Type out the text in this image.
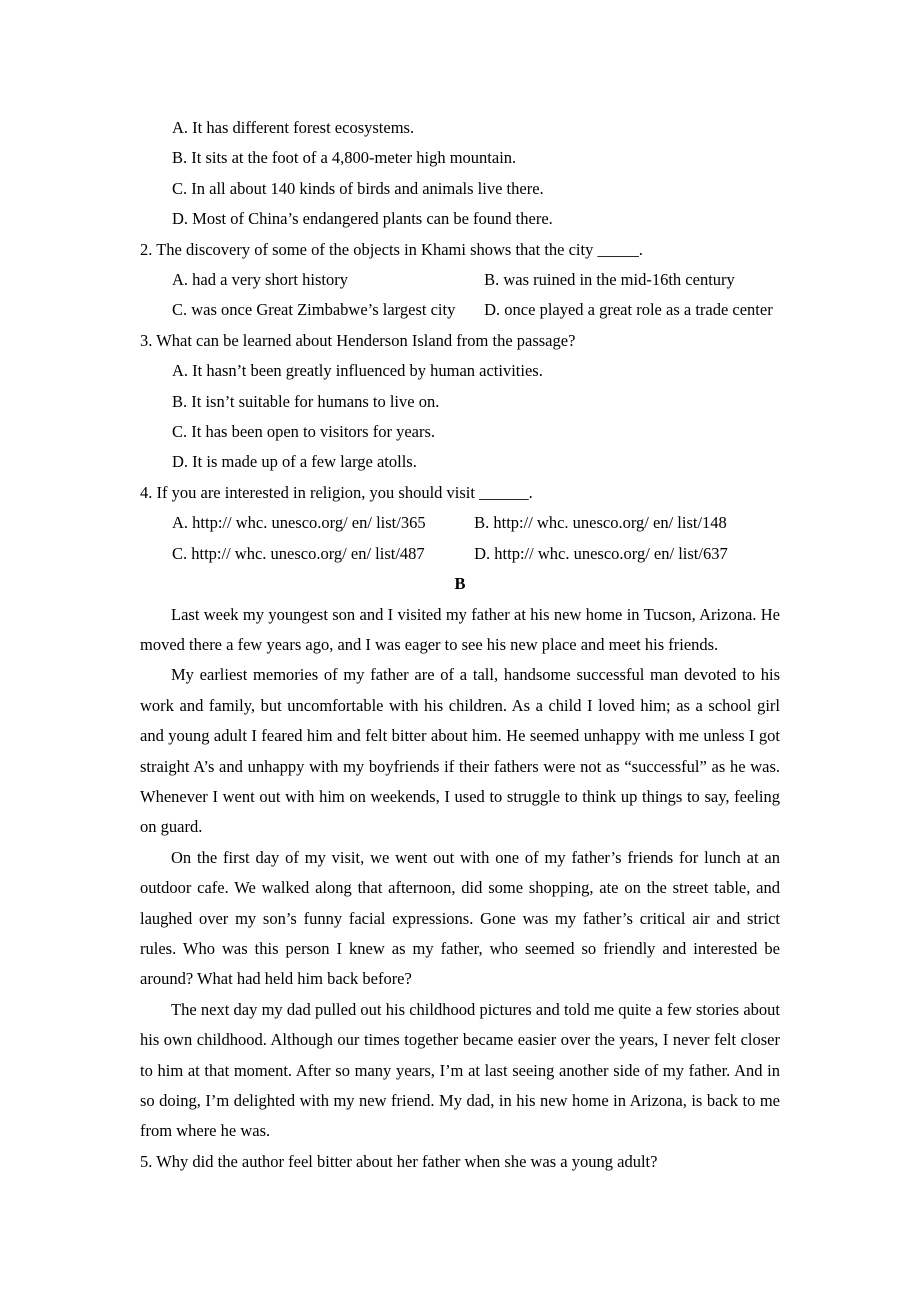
A. It has different forest ecosystems.
B. It sits at the foot of a 4,800-meter high mountain.
C. In all about 140 kinds of birds and animals live there.
D. Most of China’s endangered plants can be found there.
2. The discovery of some of the objects in Khami shows that the city _____.
A. had a very short history	B. was ruined in the mid-16th century
C. was once Great Zimbabwe’s largest city D. once played a great role as a trade center
3. What can be learned about Henderson Island from the passage?
A. It hasn’t been greatly influenced by human activities.
B. It isn’t suitable for humans to live on.
C. It has been open to visitors for years.
D. It is made up of a few large atolls.
4. If you are interested in religion, you should visit ______.
A. http:// whc. unesco.org/ en/ list/365	B. http:// whc. unesco.org/ en/ list/148
C. http:// whc. unesco.org/ en/ list/487	D. http:// whc. unesco.org/ en/ list/637
B
Last week my youngest son and I visited my father at his new home in Tucson, Arizona. He moved there a few years ago, and I was eager to see his new place and meet his friends.
My earliest memories of my father are of a tall, handsome successful man devoted to his work and family, but uncomfortable with his children. As a child I loved him; as a school girl and young adult I feared him and felt bitter about him. He seemed unhappy with me unless I got straight A’s and unhappy with my boyfriends if their fathers were not as “successful” as he was. Whenever I went out with him on weekends, I used to struggle to think up things to say, feeling on guard.
On the first day of my visit, we went out with one of my father’s friends for lunch at an outdoor cafe. We walked along that afternoon, did some shopping, ate on the street table, and laughed over my son’s funny facial expressions. Gone was my father’s critical air and strict rules. Who was this person I knew as my father, who seemed so friendly and interested be around? What had held him back before?
The next day my dad pulled out his childhood pictures and told me quite a few stories about his own childhood. Although our times together became easier over the years, I never felt closer to him at that moment. After so many years, I’m at last seeing another side of my father. And in so doing, I’m delighted with my new friend. My dad, in his new home in Arizona, is back to me from where he was.
5. Why did the author feel bitter about her father when she was a young adult?
